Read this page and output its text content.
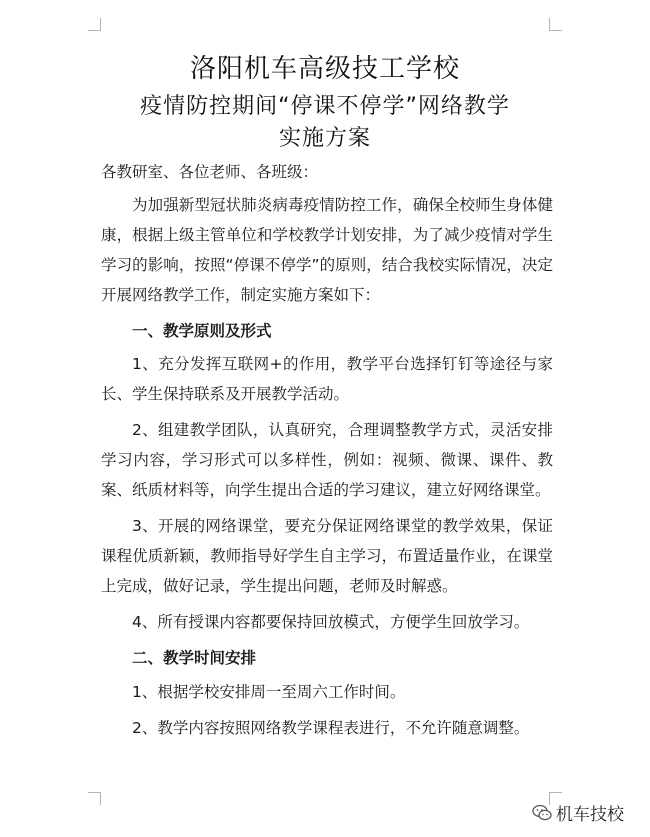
洛阳机车高级技工学校
疫情防控期间“停课不停学”网络教学
实施方案

各教研室、各位老师、各班级：

为加强新型冠状肺炎病毒疫情防控工作，确保全校师生身体健康，根据上级主管单位和学校教学计划安排，为了减少疫情对学生学习的影响，按照“停课不停学”的原则，结合我校实际情况，决定开展网络教学工作，制定实施方案如下：

一、教学原则及形式

1、充分发挥互联网+的作用，教学平台选择钉钉等途径与家长、学生保持联系及开展教学活动。

2、组建教学团队，认真研究，合理调整教学方式，灵活安排学习内容，学习形式可以多样性，例如：视频、微课、课件、教案、纸质材料等，向学生提出合适的学习建议，建立好网络课堂。

3、开展的网络课堂，要充分保证网络课堂的教学效果，保证课程优质新颖，教师指导好学生自主学习，布置适量作业，在课堂上完成，做好记录，学生提出问题，老师及时解惑。

4、所有授课内容都要保持回放模式，方便学生回放学习。

二、教学时间安排

1、根据学校安排周一至周六工作时间。

2、教学内容按照网络教学课程表进行，不允许随意调整。

机车技校
